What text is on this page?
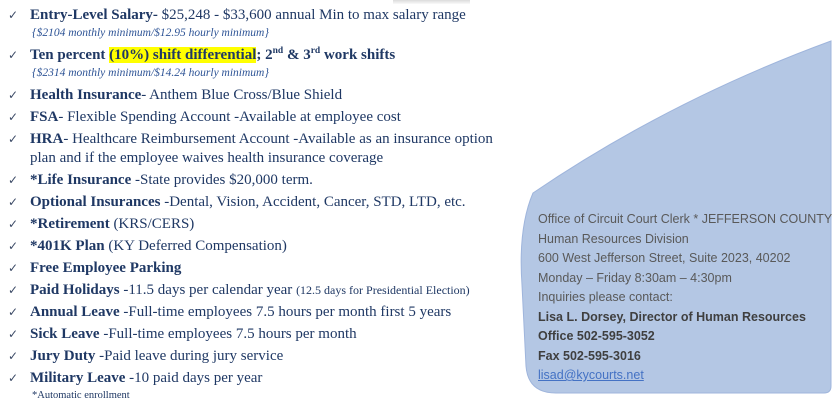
✓ Entry-Level Salary- $25,248 - $33,600 annual Min to max salary range
{$2104 monthly minimum/$12.95 hourly minimum}
✓ Ten percent (10%) shift differential; 2nd & 3rd work shifts
{$2314 monthly minimum/$14.24 hourly minimum}
✓ Health Insurance- Anthem Blue Cross/Blue Shield
✓ FSA- Flexible Spending Account -Available at employee cost
✓ HRA- Healthcare Reimbursement Account -Available as an insurance option plan and if the employee waives health insurance coverage
✓ *Life Insurance -State provides $20,000 term.
✓ Optional Insurances -Dental, Vision, Accident, Cancer, STD, LTD, etc.
✓ *Retirement (KRS/CERS)
✓ *401K Plan (KY Deferred Compensation)
✓ Free Employee Parking
✓ Paid Holidays -11.5 days per calendar year (12.5 days for Presidential Election)
✓ Annual Leave -Full-time employees 7.5 hours per month first 5 years
✓ Sick Leave -Full-time employees 7.5 hours per month
✓ Jury Duty -Paid leave during jury service
✓ Military Leave -10 paid days per year
*Automatic enrollment
Office of Circuit Court Clerk * JEFFERSON COUNTY
Human Resources Division
600 West Jefferson Street, Suite 2023, 40202
Monday – Friday 8:30am – 4:30pm
Inquiries please contact:
Lisa L. Dorsey, Director of Human Resources
Office 502-595-3052
Fax 502-595-3016
lisad@kycourts.net
